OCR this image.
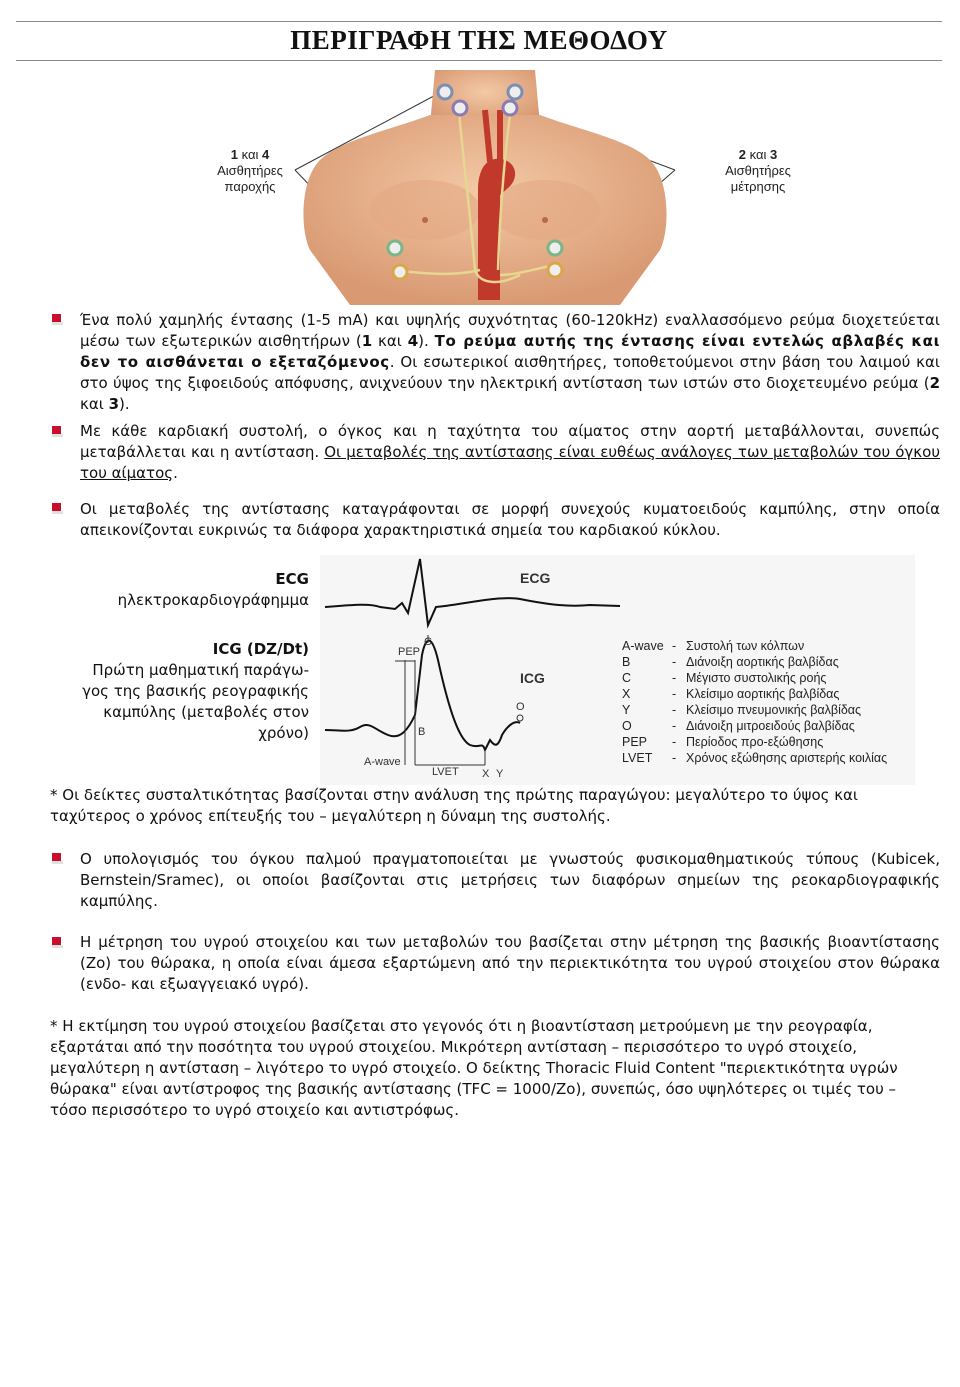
ΠΕΡΙΓΡΑΦΗ ΤΗΣ ΜΕΘΟΔΟΥ
1 και 4
Αισθητήρες
παροχής
2 και 3
Αισθητήρες
μέτρησης
Ένα πολύ χαμηλής έντασης (1-5 mA) και υψηλής συχνότητας (60-120kHz) εναλλασσόμενο ρεύμα διοχετεύεται μέσω των εξωτερικών αισθητήρων (1 και 4). Το ρεύμα αυτής της έντασης είναι εντελώς αβλαβές και δεν το αισθάνεται ο εξεταζόμενος. Οι εσωτερικοί αισθητήρες, τοποθετούμενοι στην βάση του λαιμού και στο ύψος της ξιφοειδούς απόφυσης, ανιχνεύουν την ηλεκτρική αντίσταση των ιστών στο διοχετευμένο ρεύμα (2 και 3).
Με κάθε καρδιακή συστολή, ο όγκος και η ταχύτητα του αίματος στην αορτή μεταβάλλονται, συνεπώς μεταβάλλεται και η αντίσταση. Οι μεταβολές της αντίστασης είναι ευθέως ανάλογες των μεταβολών του όγκου του αίματος.
Οι μεταβολές της αντίστασης καταγράφονται σε μορφή συνεχούς κυματοειδούς καμπύλης, στην οποία απεικονίζονται ευκρινώς τα διάφορα χαρακτηριστικά σημεία του καρδιακού κύκλου.
ECG
ηλεκτροκαρδιογράφημμα
ICG (DZ/Dt)
Πρώτη μαθηματική παράγω-
γος της βασικής ρεογραφικής
καμπύλης (μεταβολές στον
χρόνο)
ECG
PEP
C
B
O
A-wave
LVET X Y
ICG
A-wave - Συστολή των κόλπων
B	- Διάνοιξη αορτικής βαλβίδας
C	- Μέγιστο συστολικής ροής
X	- Κλείσιμο αορτικής βαλβίδας
Y	- Κλείσιμο πνευμονικής βαλβίδας
O	- Διάνοιξη μιτροειδούς βαλβίδας
PEP - Περίοδος προ-εξώθησης
LVET - Χρόνος εξώθησης αριστερής κοιλίας
* Οι δείκτες συσταλτικότητας βασίζονται στην ανάλυση της πρώτης παραγώγου: μεγαλύτερο το ύψος και ταχύτερος ο χρόνος επίτευξής του – μεγαλύτερη η δύναμη της συστολής.
Ο υπολογισμός του όγκου παλμού πραγματοποιείται με γνωστούς φυσικομαθηματικούς τύπους (Kubicek, Bernstein/Sramec), οι οποίοι βασίζονται στις μετρήσεις των διαφόρων σημείων της ρεοκαρδιογραφικής καμπύλης.
Η μέτρηση του υγρού στοιχείου και των μεταβολών του βασίζεται στην μέτρηση της βασικής βιοαντίστασης (Zo) του θώρακα, η οποία είναι άμεσα εξαρτώμενη από την περιεκτικότητα του υγρού στοιχείου στον θώρακα (ενδο- και εξωαγγειακό υγρό).
* Η εκτίμηση του υγρού στοιχείου βασίζεται στο γεγονός ότι η βιοαντίσταση μετρούμενη με την ρεογραφία, εξαρτάται από την ποσότητα του υγρού στοιχείου. Μικρότερη αντίσταση – περισσότερο το υγρό στοιχείο, μεγαλύτερη η αντίσταση – λιγότερο το υγρό στοιχείο. Ο δείκτης Thoracic Fluid Content "περιεκτικότητα υγρών θώρακα" είναι αντίστροφος της βασικής αντίστασης (TFC = 1000/Zo), συνεπώς, όσο υψηλότερες οι τιμές του – τόσο περισσότερο το υγρό στοιχείο και αντιστρόφως.
